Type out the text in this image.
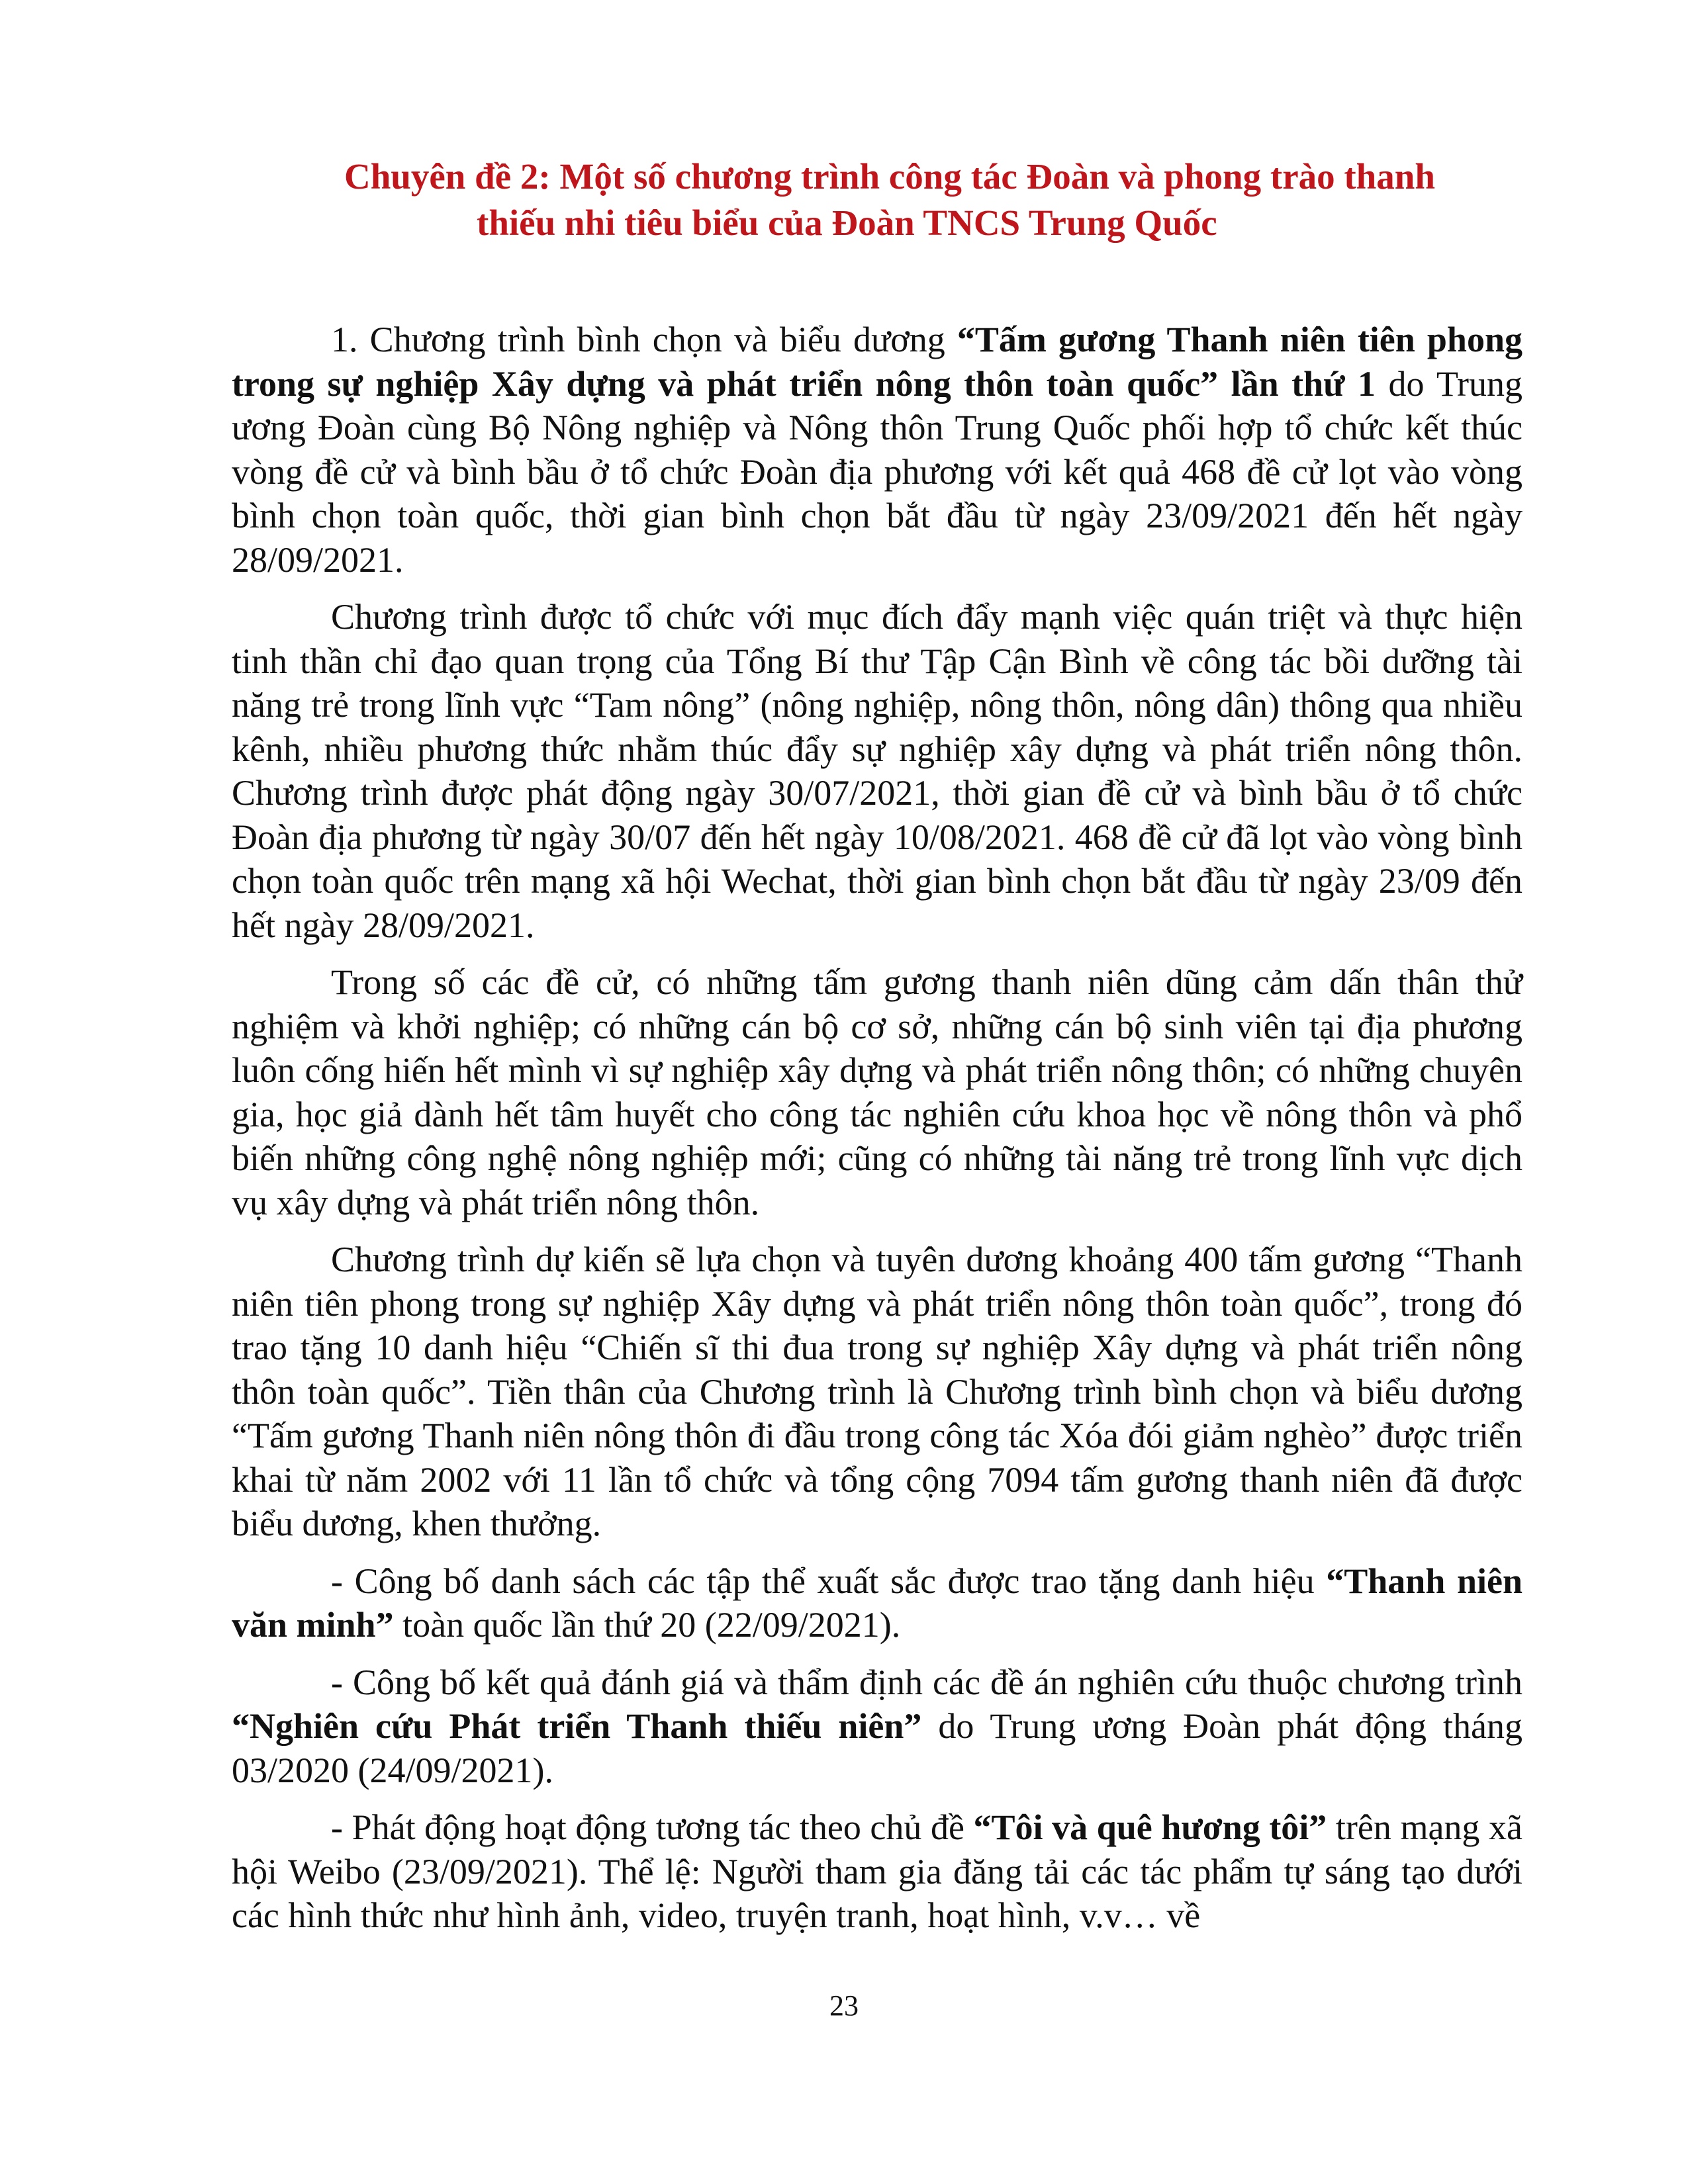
Chuyên đề 2: Một số chương trình công tác Đoàn và phong trào thanh
thiếu nhi tiêu biểu của Đoàn TNCS Trung Quốc

1. Chương trình bình chọn và biểu dương “Tấm gương Thanh niên tiên phong trong sự nghiệp Xây dựng và phát triển nông thôn toàn quốc” lần thứ 1 do Trung ương Đoàn cùng Bộ Nông nghiệp và Nông thôn Trung Quốc phối hợp tổ chức kết thúc vòng đề cử và bình bầu ở tổ chức Đoàn địa phương với kết quả 468 đề cử lọt vào vòng bình chọn toàn quốc, thời gian bình chọn bắt đầu từ ngày 23/09/2021 đến hết ngày 28/09/2021.

Chương trình được tổ chức với mục đích đẩy mạnh việc quán triệt và thực hiện tinh thần chỉ đạo quan trọng của Tổng Bí thư Tập Cận Bình về công tác bồi dưỡng tài năng trẻ trong lĩnh vực “Tam nông” (nông nghiệp, nông thôn, nông dân) thông qua nhiều kênh, nhiều phương thức nhằm thúc đẩy sự nghiệp xây dựng và phát triển nông thôn. Chương trình được phát động ngày 30/07/2021, thời gian đề cử và bình bầu ở tổ chức Đoàn địa phương từ ngày 30/07 đến hết ngày 10/08/2021. 468 đề cử đã lọt vào vòng bình chọn toàn quốc trên mạng xã hội Wechat, thời gian bình chọn bắt đầu từ ngày 23/09 đến hết ngày 28/09/2021.

Trong số các đề cử, có những tấm gương thanh niên dũng cảm dấn thân thử nghiệm và khởi nghiệp; có những cán bộ cơ sở, những cán bộ sinh viên tại địa phương luôn cống hiến hết mình vì sự nghiệp xây dựng và phát triển nông thôn; có những chuyên gia, học giả dành hết tâm huyết cho công tác nghiên cứu khoa học về nông thôn và phổ biến những công nghệ nông nghiệp mới; cũng có những tài năng trẻ trong lĩnh vực dịch vụ xây dựng và phát triển nông thôn.

Chương trình dự kiến sẽ lựa chọn và tuyên dương khoảng 400 tấm gương “Thanh niên tiên phong trong sự nghiệp Xây dựng và phát triển nông thôn toàn quốc”, trong đó trao tặng 10 danh hiệu “Chiến sĩ thi đua trong sự nghiệp Xây dựng và phát triển nông thôn toàn quốc”. Tiền thân của Chương trình là Chương trình bình chọn và biểu dương “Tấm gương Thanh niên nông thôn đi đầu trong công tác Xóa đói giảm nghèo” được triển khai từ năm 2002 với 11 lần tổ chức và tổng cộng 7094 tấm gương thanh niên đã được biểu dương, khen thưởng.

- Công bố danh sách các tập thể xuất sắc được trao tặng danh hiệu “Thanh niên văn minh” toàn quốc lần thứ 20 (22/09/2021).

- Công bố kết quả đánh giá và thẩm định các đề án nghiên cứu thuộc chương trình “Nghiên cứu Phát triển Thanh thiếu niên” do Trung ương Đoàn phát động tháng 03/2020 (24/09/2021).

- Phát động hoạt động tương tác theo chủ đề “Tôi và quê hương tôi” trên mạng xã hội Weibo (23/09/2021). Thể lệ: Người tham gia đăng tải các tác phẩm tự sáng tạo dưới các hình thức như hình ảnh, video, truyện tranh, hoạt hình, v.v… về

23
